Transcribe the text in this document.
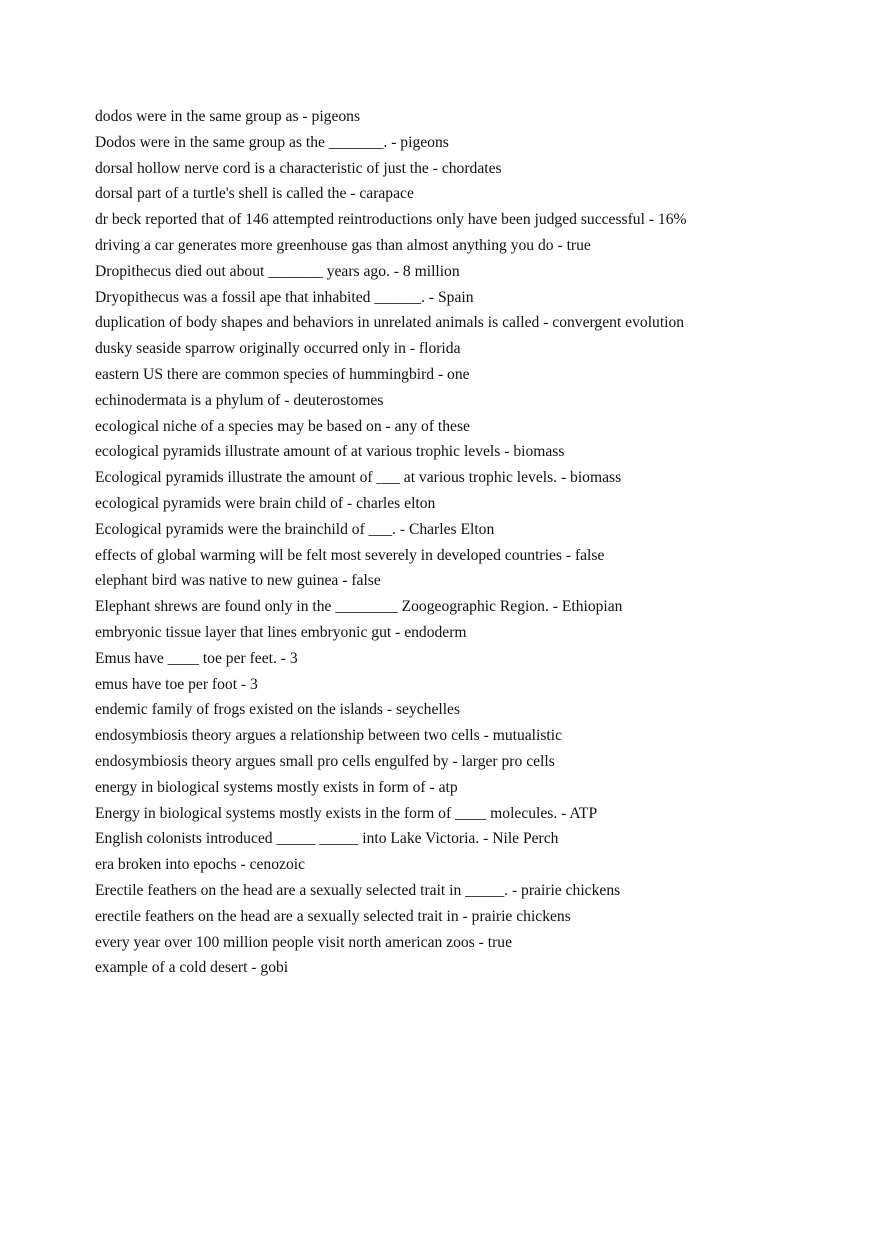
dodos were in the same group as - pigeons
Dodos were in the same group as the _______. - pigeons
dorsal hollow nerve cord is a characteristic of just the - chordates
dorsal part of a turtle's shell is called the - carapace
dr beck reported that of 146 attempted reintroductions only have been judged successful - 16%
driving a car generates more greenhouse gas than almost anything you do - true
Dropithecus died out about _______ years ago. - 8 million
Dryopithecus was a fossil ape that inhabited ______. - Spain
duplication of body shapes and behaviors in unrelated animals is called - convergent evolution
dusky seaside sparrow originally occurred only in - florida
eastern US there are common species of hummingbird - one
echinodermata is a phylum of - deuterostomes
ecological niche of a species may be based on - any of these
ecological pyramids illustrate amount of at various trophic levels - biomass
Ecological pyramids illustrate the amount of ___ at various trophic levels. - biomass
ecological pyramids were brain child of - charles elton
Ecological pyramids were the brainchild of ___. - Charles Elton
effects of global warming will be felt most severely in developed countries - false
elephant bird was native to new guinea - false
Elephant shrews are found only in the ________ Zoogeographic Region. - Ethiopian
embryonic tissue layer that lines embryonic gut - endoderm
Emus have ____ toe per feet. - 3
emus have toe per foot - 3
endemic family of frogs existed on the islands - seychelles
endosymbiosis theory argues a relationship between two cells - mutualistic
endosymbiosis theory argues small pro cells engulfed by - larger pro cells
energy in biological systems mostly exists in form of - atp
Energy in biological systems mostly exists in the form of ____ molecules. - ATP
English colonists introduced _____ _____ into Lake Victoria. - Nile Perch
era broken into epochs - cenozoic
Erectile feathers on the head are a sexually selected trait in _____. - prairie chickens
erectile feathers on the head are a sexually selected trait in - prairie chickens
every year over 100 million people visit north american zoos - true
example of a cold desert - gobi
